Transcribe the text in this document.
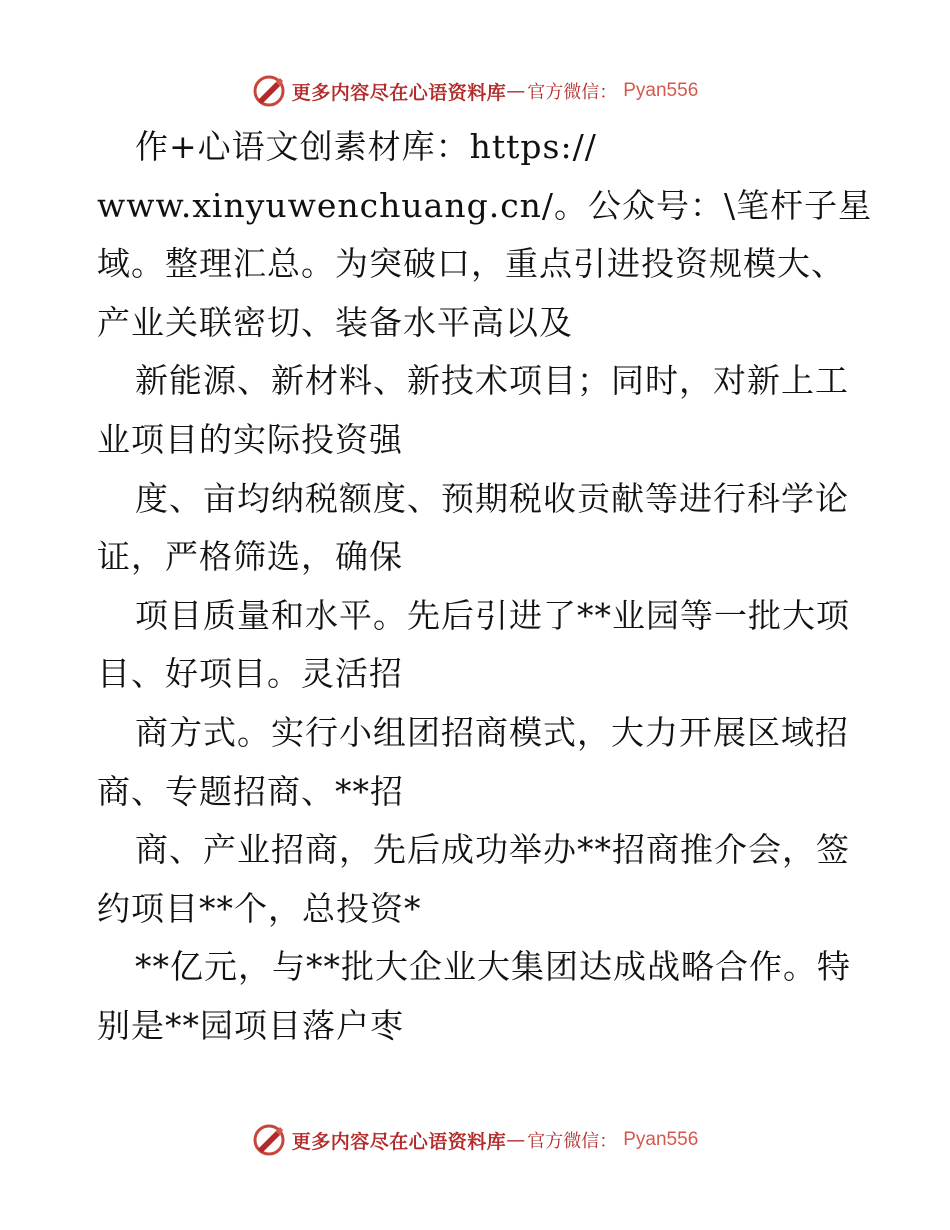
更多内容尽在心语资料库 — 官方微信： Pyan556
作+心语文创素材库：https://
www.xinyuwenchuang.cn/。公众号：\笔杆子星
域。整理汇总。为突破口，重点引进投资规模大、
产业关联密切、装备水平高以及
新能源、新材料、新技术项目；同时，对新上工
业项目的实际投资强
度、亩均纳税额度、预期税收贡献等进行科学论
证，严格筛选，确保
项目质量和水平。先后引进了**业园等一批大项
目、好项目。灵活招
商方式。实行小组团招商模式，大力开展区域招
商、专题招商、**招
商、产业招商，先后成功举办**招商推介会，签
约项目**个，总投资*
**亿元，与**批大企业大集团达成战略合作。特
别是**园项目落户枣
更多内容尽在心语资料库 — 官方微信： Pyan556
